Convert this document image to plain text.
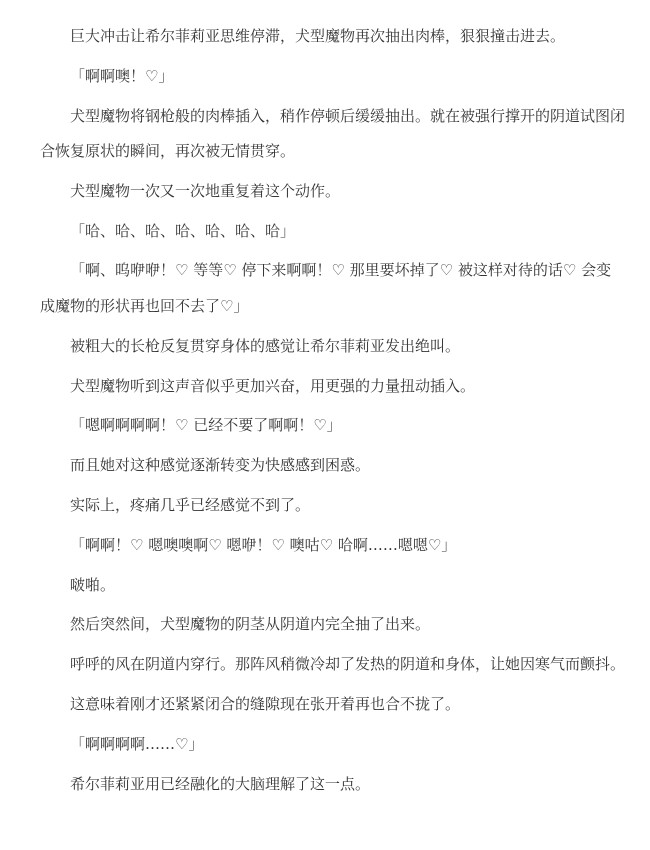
巨大冲击让希尔菲莉亚思维停滞，犬型魔物再次抽出肉棒，狠狠撞击进去。
「啊啊噢！♡」
犬型魔物将钢枪般的肉棒插入，稍作停顿后缓缓抽出。就在被强行撑开的阴道试图闭
合恢复原状的瞬间，再次被无情贯穿。
犬型魔物一次又一次地重复着这个动作。
「哈、哈、哈、哈、哈、哈、哈」
「啊、呜咿咿！♡ 等等♡ 停下来啊啊！♡ 那里要坏掉了♡ 被这样对待的话♡ 会变
成魔物的形状再也回不去了♡」
被粗大的长枪反复贯穿身体的感觉让希尔菲莉亚发出绝叫。
犬型魔物听到这声音似乎更加兴奋，用更强的力量扭动插入。
「嗯啊啊啊啊！♡ 已经不要了啊啊！♡」
而且她对这种感觉逐渐转变为快感感到困惑。
实际上，疼痛几乎已经感觉不到了。
「啊啊！♡ 嗯噢噢啊♡ 嗯咿！♡ 噢咕♡ 哈啊……嗯嗯♡」
啵啪。
然后突然间，犬型魔物的阴茎从阴道内完全抽了出来。
呼呼的风在阴道内穿行。那阵风稍微冷却了发热的阴道和身体，让她因寒气而颤抖。
这意味着刚才还紧紧闭合的缝隙现在张开着再也合不拢了。
「啊啊啊啊……♡」
希尔菲莉亚用已经融化的大脑理解了这一点。
